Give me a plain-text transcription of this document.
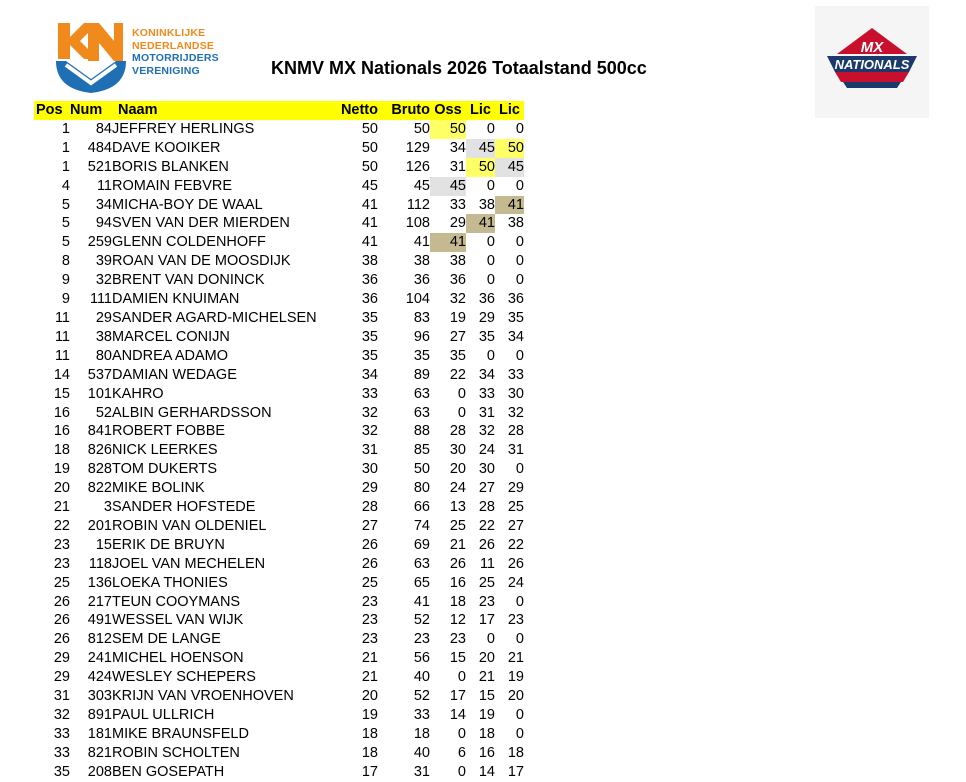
KONINKLIJKE
NEDERLANDSE
MOTORRIJDERS
VERENIGING	KNMV MX Nationals 2026 Totaalstand 500cc
MX
NATIONALS
Pos	Num	Naam	Netto	Bruto	Oss	Lic	Lic
1	84	JEFFREY HERLINGS	50	50	50	0	0
1	484	DAVE KOOIKER	50	129	34	45	50
1	521	BORIS BLANKEN	50	126	31	50	45
4	11	ROMAIN FEBVRE	45	45	45	0	0
5	34	MICHA-BOY DE WAAL	41	112	33	38	41
5	94	SVEN VAN DER MIERDEN	41	108	29	41	38
5	259	GLENN COLDENHOFF	41	41	41	0	0
8	39	ROAN VAN DE MOOSDIJK	38	38	38	0	0
9	32	BRENT VAN DONINCK	36	36	36	0	0
9	111	DAMIEN KNUIMAN	36	104	32	36	36
11	29	SANDER AGARD-MICHELSEN	35	83	19	29	35
11	38	MARCEL CONIJN	35	96	27	35	34
11	80	ANDREA ADAMO	35	35	35	0	0
14	537	DAMIAN WEDAGE	34	89	22	34	33
15	101	KAHRO	33	63	0	33	30
16	52	ALBIN GERHARDSSON	32	63	0	31	32
16	841	ROBERT FOBBE	32	88	28	32	28
18	826	NICK LEERKES	31	85	30	24	31
19	828	TOM DUKERTS	30	50	20	30	0
20	822	MIKE BOLINK	29	80	24	27	29
21	3	SANDER HOFSTEDE	28	66	13	28	25
22	201	ROBIN VAN OLDENIEL	27	74	25	22	27
23	15	ERIK DE BRUYN	26	69	21	26	22
23	118	JOEL VAN MECHELEN	26	63	26	11	26
25	136	LOEKA THONIES	25	65	16	25	24
26	217	TEUN COOYMANS	23	41	18	23	0
26	491	WESSEL VAN WIJK	23	52	12	17	23
26	812	SEM DE LANGE	23	23	23	0	0
29	241	MICHEL HOENSON	21	56	15	20	21
29	424	WESLEY SCHEPERS	21	40	0	21	19
31	303	KRIJN VAN VROENHOVEN	20	52	17	15	20
32	891	PAUL ULLRICH	19	33	14	19	0
33	181	MIKE BRAUNSFELD	18	18	0	18	0
33	821	ROBIN SCHOLTEN	18	40	6	16	18
35	208	BEN GOSEPATH	17	31	0	14	17
